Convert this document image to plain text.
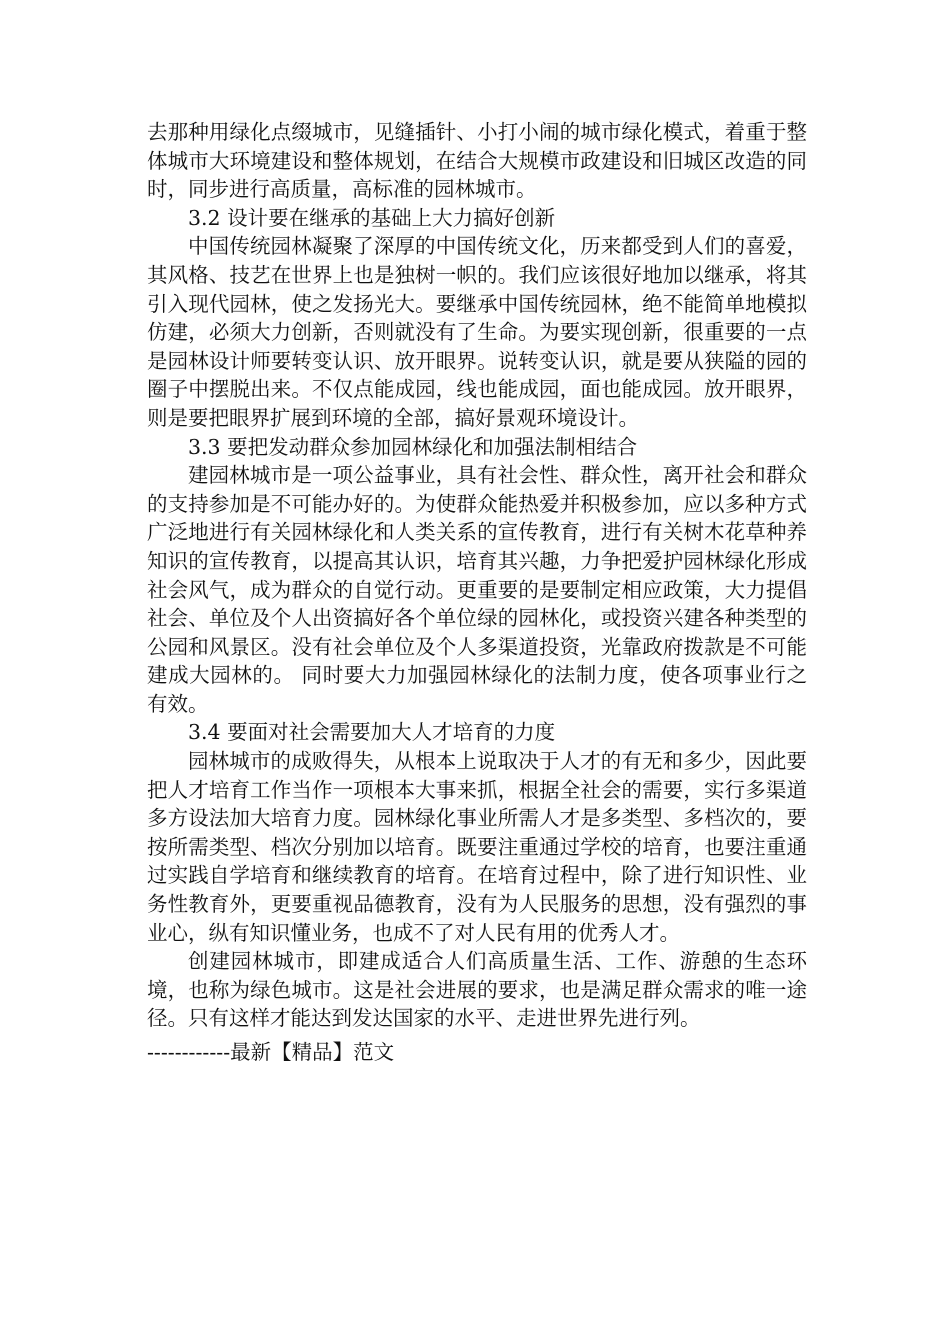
去那种用绿化点缀城市，见缝插针、小打小闹的城市绿化模式，着重于整体城市大环境建设和整体规划，在结合大规模市政建设和旧城区改造的同时，同步进行高质量，高标准的园林城市。

3.2 设计要在继承的基础上大力搞好创新

中国传统园林凝聚了深厚的中国传统文化，历来都受到人们的喜爱，其风格、技艺在世界上也是独树一帜的。我们应该很好地加以继承，将其引入现代园林，使之发扬光大。要继承中国传统园林，绝不能简单地模拟仿建，必须大力创新，否则就没有了生命。为要实现创新，很重要的一点是园林设计师要转变认识、放开眼界。说转变认识，就是要从狭隘的园的圈子中摆脱出来。不仅点能成园，线也能成园，面也能成园。放开眼界，则是要把眼界扩展到环境的全部，搞好景观环境设计。

3.3 要把发动群众参加园林绿化和加强法制相结合

建园林城市是一项公益事业，具有社会性、群众性，离开社会和群众的支持参加是不可能办好的。为使群众能热爱并积极参加，应以多种方式广泛地进行有关园林绿化和人类关系的宣传教育，进行有关树木花草种养知识的宣传教育，以提高其认识，培育其兴趣，力争把爱护园林绿化形成社会风气，成为群众的自觉行动。更重要的是要制定相应政策，大力提倡社会、单位及个人出资搞好各个单位绿的园林化，或投资兴建各种类型的公园和风景区。没有社会单位及个人多渠道投资，光靠政府拨款是不可能建成大园林的。 同时要大力加强园林绿化的法制力度，使各项事业行之有效。

3.4 要面对社会需要加大人才培育的力度

园林城市的成败得失，从根本上说取决于人才的有无和多少，因此要把人才培育工作当作一项根本大事来抓，根据全社会的需要，实行多渠道多方设法加大培育力度。园林绿化事业所需人才是多类型、多档次的，要按所需类型、档次分别加以培育。既要注重通过学校的培育，也要注重通过实践自学培育和继续教育的培育。在培育过程中，除了进行知识性、业务性教育外，更要重视品德教育，没有为人民服务的思想，没有强烈的事业心，纵有知识懂业务，也成不了对人民有用的优秀人才。

创建园林城市，即建成适合人们高质量生活、工作、游憩的生态环境，也称为绿色城市。这是社会进展的要求，也是满足群众需求的唯一途径。只有这样才能达到发达国家的水平、走进世界先进行列。

------------最新【精品】范文
